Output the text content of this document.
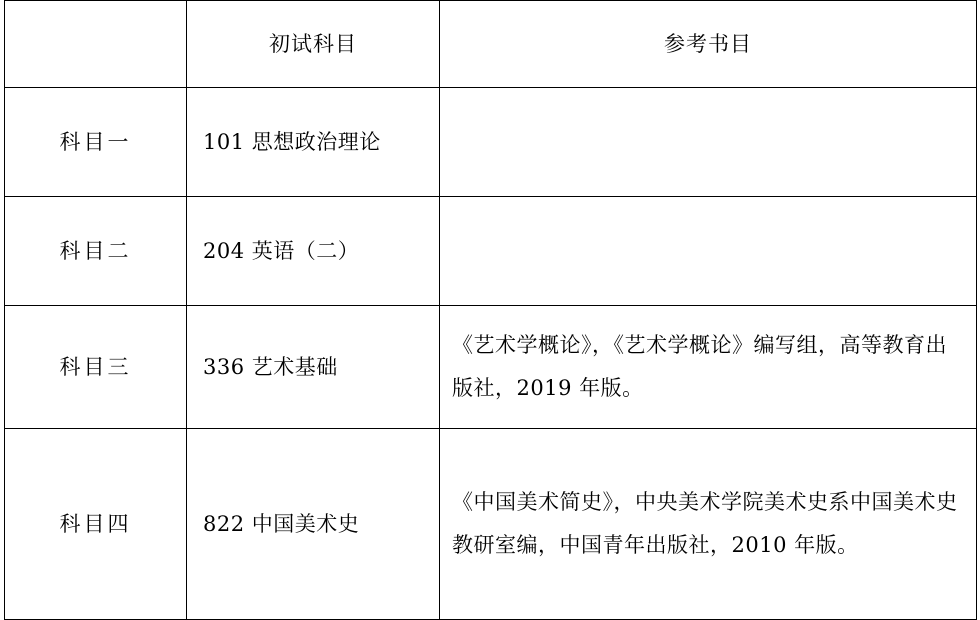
	初试科目	参考书目

科目一	101 思想政治理论	

科目二	204 英语（二）	

科目三	336 艺术基础	《艺术学概论》，《艺术学概论》编写组，高等教育出版社，2019 年版。

科目四	822 中国美术史	《中国美术简史》，中央美术学院美术史系中国美术史教研室编，中国青年出版社，2010 年版。
